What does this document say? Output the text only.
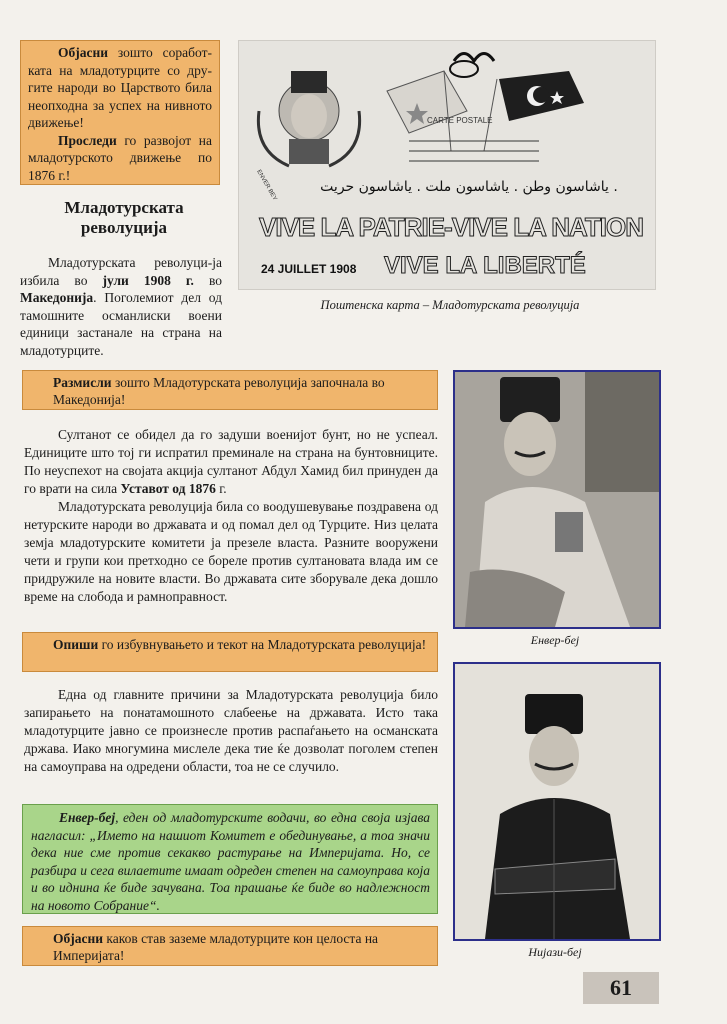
Објасни зошто соработ-ката на младотурците со дру-гите народи во Царството била неопходна за успех на нивното движење!

Проследи го развојот на младотурското движење по 1876 г.!

Младотурската револуција
Младотурската револуци-ја избила во јули 1908 г. во Македонија. Поголемиот дел од тамошните османлиски воени единици застанале на страна на младотурците.
CARTE POSTALE
ENVER BEY	یاشاسون وطن . یاشاسون ملت . یاشاسون حریت .
VIVE LA PATRIE-VIVE LA NATION
VIVE LA LIBERTÉ
24 JUILLET 1908
Поштенска карта – Младотурската револуција
Размисли зошто Младотурската револуција започнала во Македонија!
Султанот се обидел да го задуши военијот бунт, но не успеал. Единиците што тој ги испратил преминале на страна на бунтовниците. По неуспехот на својата акција султанот Абдул Хамид бил принуден да го врати на сила Уставот од 1876 г.
Младотурската револуција била со воодушевување поздравена од нетурските народи во државата и од помал дел од Турците. Низ целата земја младотурските комитети ја презеле власта. Разните вооружени чети и групи кои претходно се бореле против султановата влада им се придружиле на новите власти. Во државата сите зборувале дека дошло време на слобода и рамноправност.
Енвер-беј
Опиши го избувнувањето и текот на Младотурската револуција!
Една од главните причини за Младотурската револуција било запирањето на понатамошното слабеење на државата. Исто така младотурците јавно се произнесле против распаѓањето на османската држава. Иако многумина мислеле дека тие ќе дозволат поголем степен на самоуправа на одредени области, тоа не се случило.
Енвер-беј, еден од младотурските водачи, во една своја изјава нагласил: „Името на нашиот Комитет е обединување, а тоа значи дека ние сме против секакво растурање на Империјата. Но, се разбира и сега вилаетите имаат одреден степен на самоуправа која и во иднина ќе биде зачувана. Тоа прашање ќе биде во надлежност на новото Собрание“.
Нијази-беј
Објасни каков став заземе младотурците кон целоста на Империјата!
61
